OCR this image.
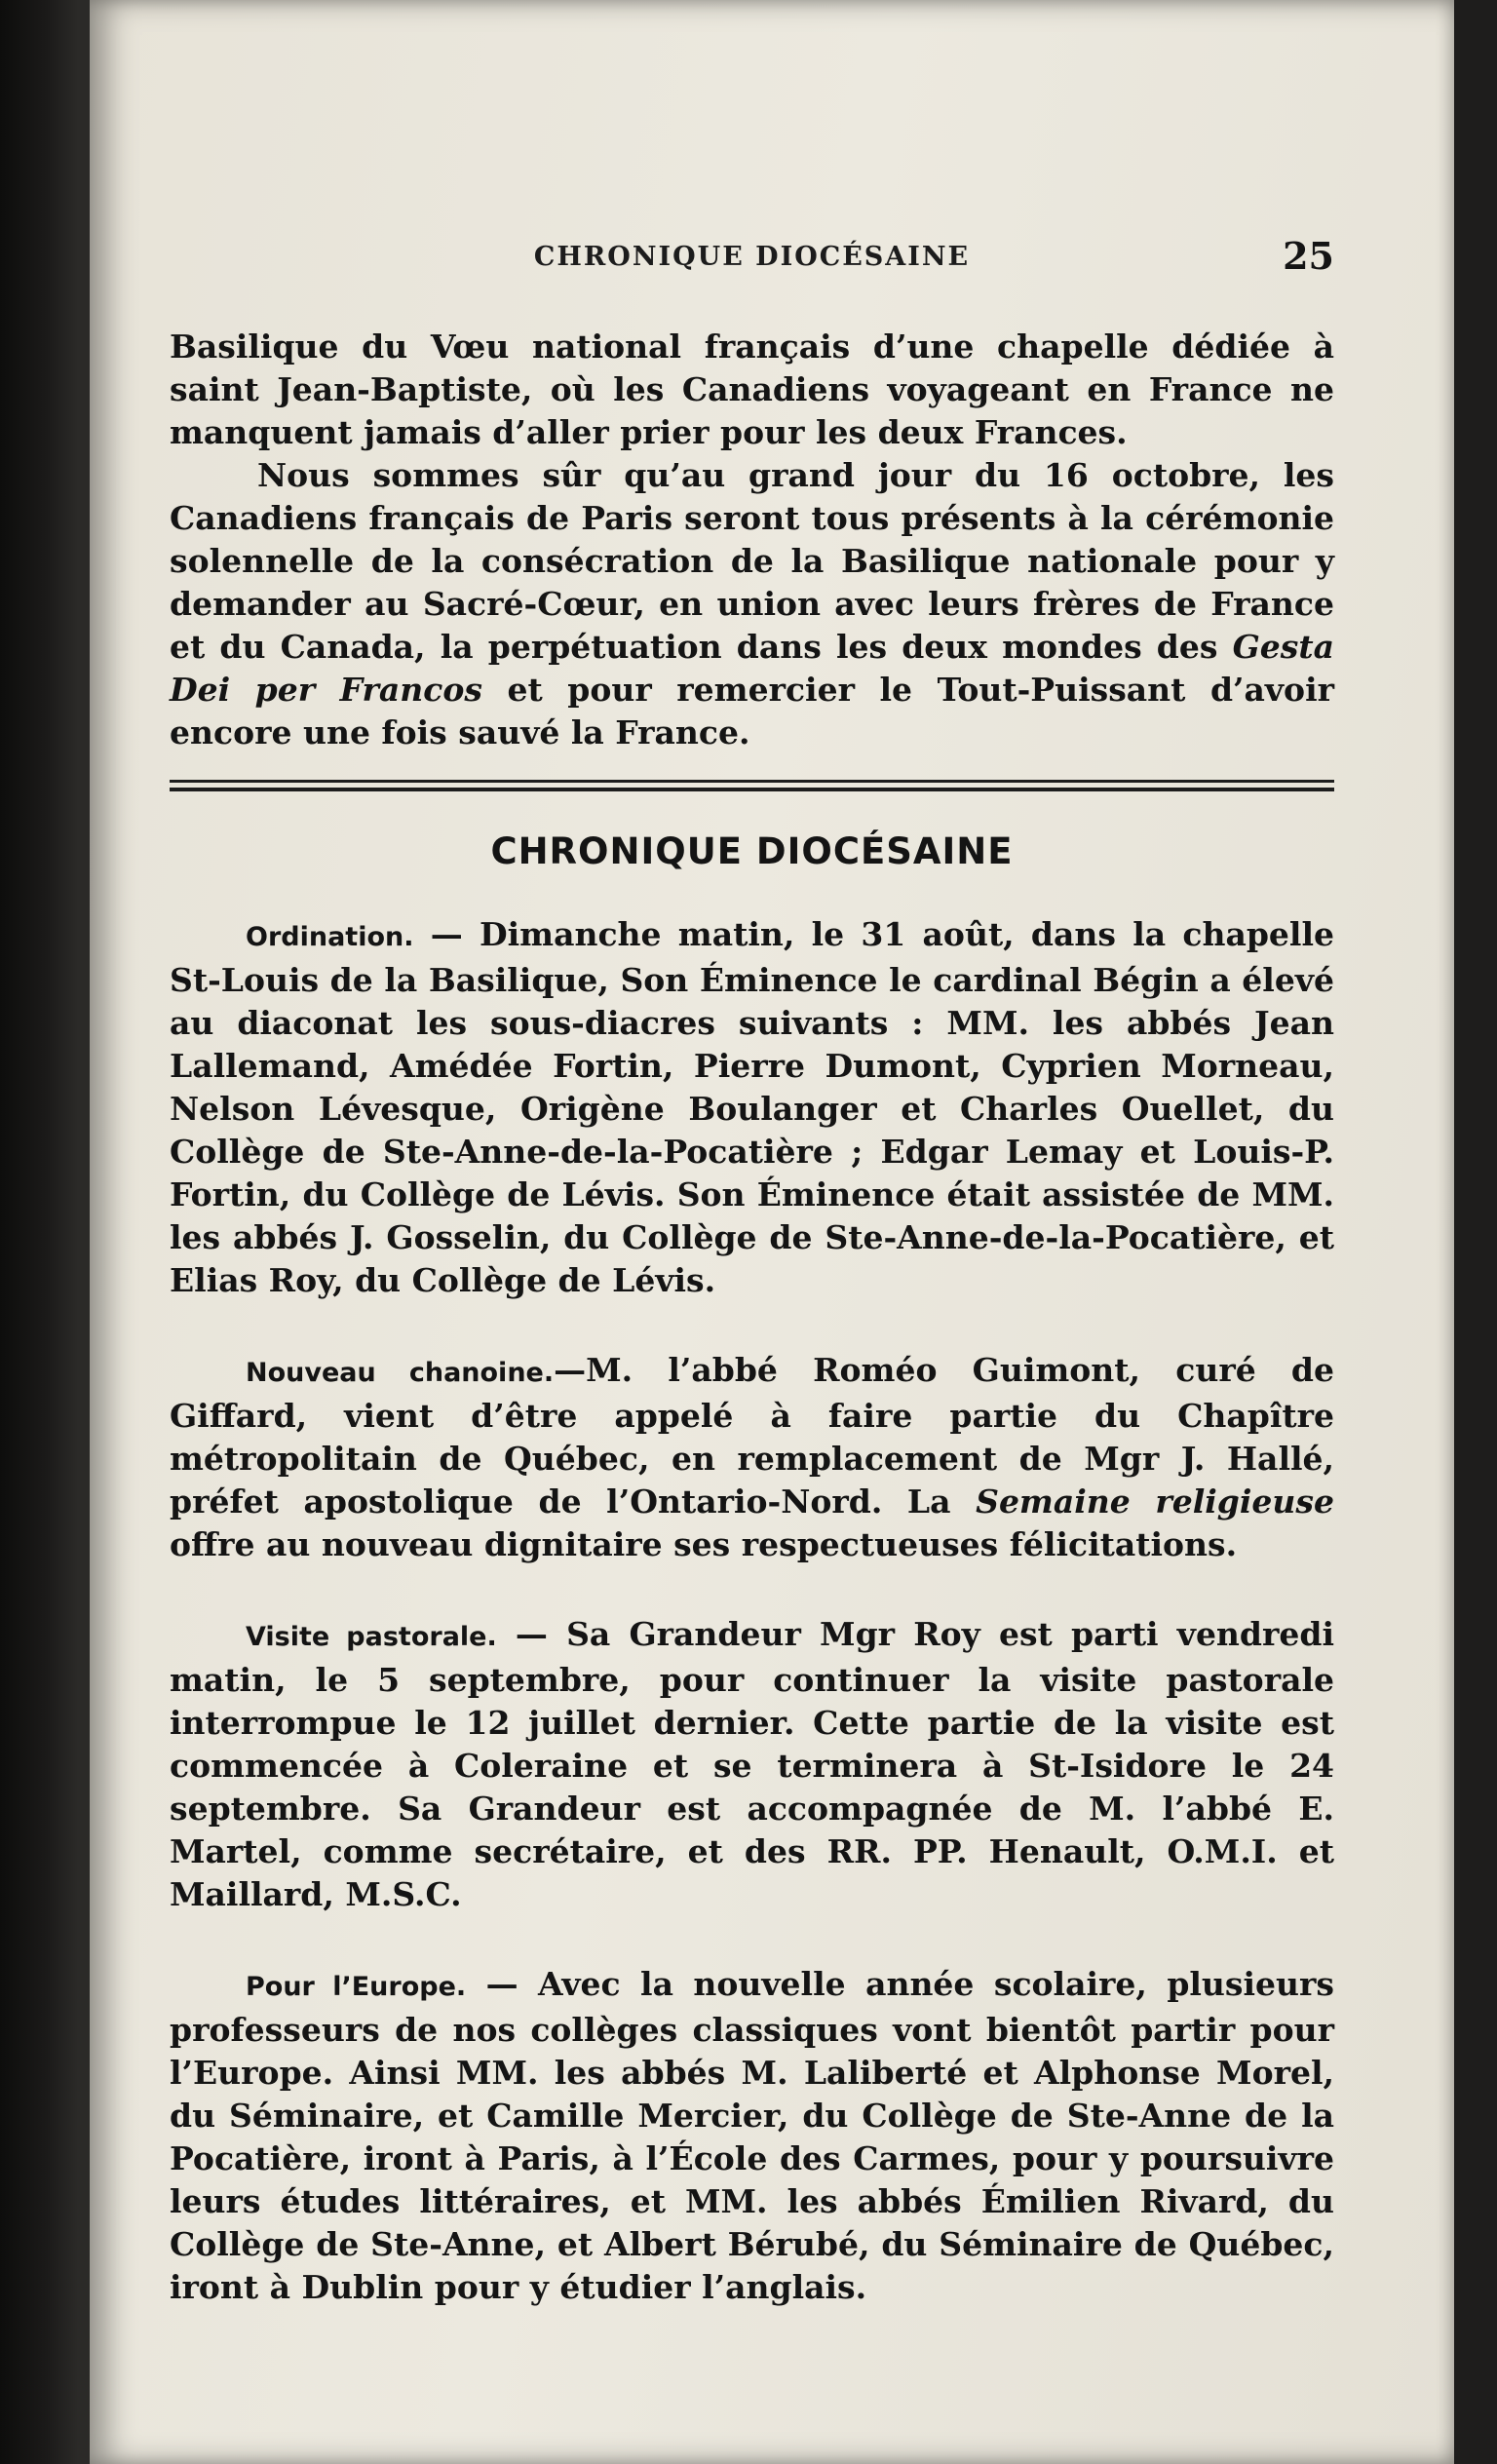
CHRONIQUE DIOCÉSAINE	25

Basilique du Vœu national français d’une chapelle dédiée à saint Jean-Baptiste, où les Canadiens voyageant en France ne manquent jamais d’aller prier pour les deux Frances.

Nous sommes sûr qu’au grand jour du 16 octobre, les Canadiens français de Paris seront tous présents à la cérémonie solennelle de la consécration de la Basilique nationale pour y demander au Sacré-Cœur, en union avec leurs frères de France et du Canada, la perpétuation dans les deux mondes des Gesta Dei per Francos et pour remercier le Tout-Puissant d’avoir encore une fois sauvé la France.

CHRONIQUE DIOCÉSAINE

Ordination. — Dimanche matin, le 31 août, dans la chapelle St-Louis de la Basilique, Son Éminence le cardinal Bégin a élevé au diaconat les sous-diacres suivants : MM. les abbés Jean Lallemand, Amédée Fortin, Pierre Dumont, Cyprien Morneau, Nelson Lévesque, Origène Boulanger et Charles Ouellet, du Collège de Ste-Anne-de-la-Pocatière ; Edgar Lemay et Louis-P. Fortin, du Collège de Lévis. Son Éminence était assistée de MM. les abbés J. Gosselin, du Collège de Ste-Anne-de-la-Pocatière, et Elias Roy, du Collège de Lévis.

Nouveau chanoine.—M. l’abbé Roméo Guimont, curé de Giffard, vient d’être appelé à faire partie du Chapître métropolitain de Québec, en remplacement de Mgr J. Hallé, préfet apostolique de l’Ontario-Nord. La Semaine religieuse offre au nouveau dignitaire ses respectueuses félicitations.

Visite pastorale. — Sa Grandeur Mgr Roy est parti vendredi matin, le 5 septembre, pour continuer la visite pastorale interrompue le 12 juillet dernier. Cette partie de la visite est commencée à Coleraine et se terminera à St-Isidore le 24 septembre. Sa Grandeur est accompagnée de M. l’abbé E. Martel, comme secrétaire, et des RR. PP. Henault, O.M.I. et Maillard, M.S.C.

Pour l’Europe. — Avec la nouvelle année scolaire, plusieurs professeurs de nos collèges classiques vont bientôt partir pour l’Europe. Ainsi MM. les abbés M. Laliberté et Alphonse Morel, du Séminaire, et Camille Mercier, du Collège de Ste-Anne de la Pocatière, iront à Paris, à l’École des Carmes, pour y poursuivre leurs études littéraires, et MM. les abbés Émilien Rivard, du Collège de Ste-Anne, et Albert Bérubé, du Séminaire de Québec, iront à Dublin pour y étudier l’anglais.
